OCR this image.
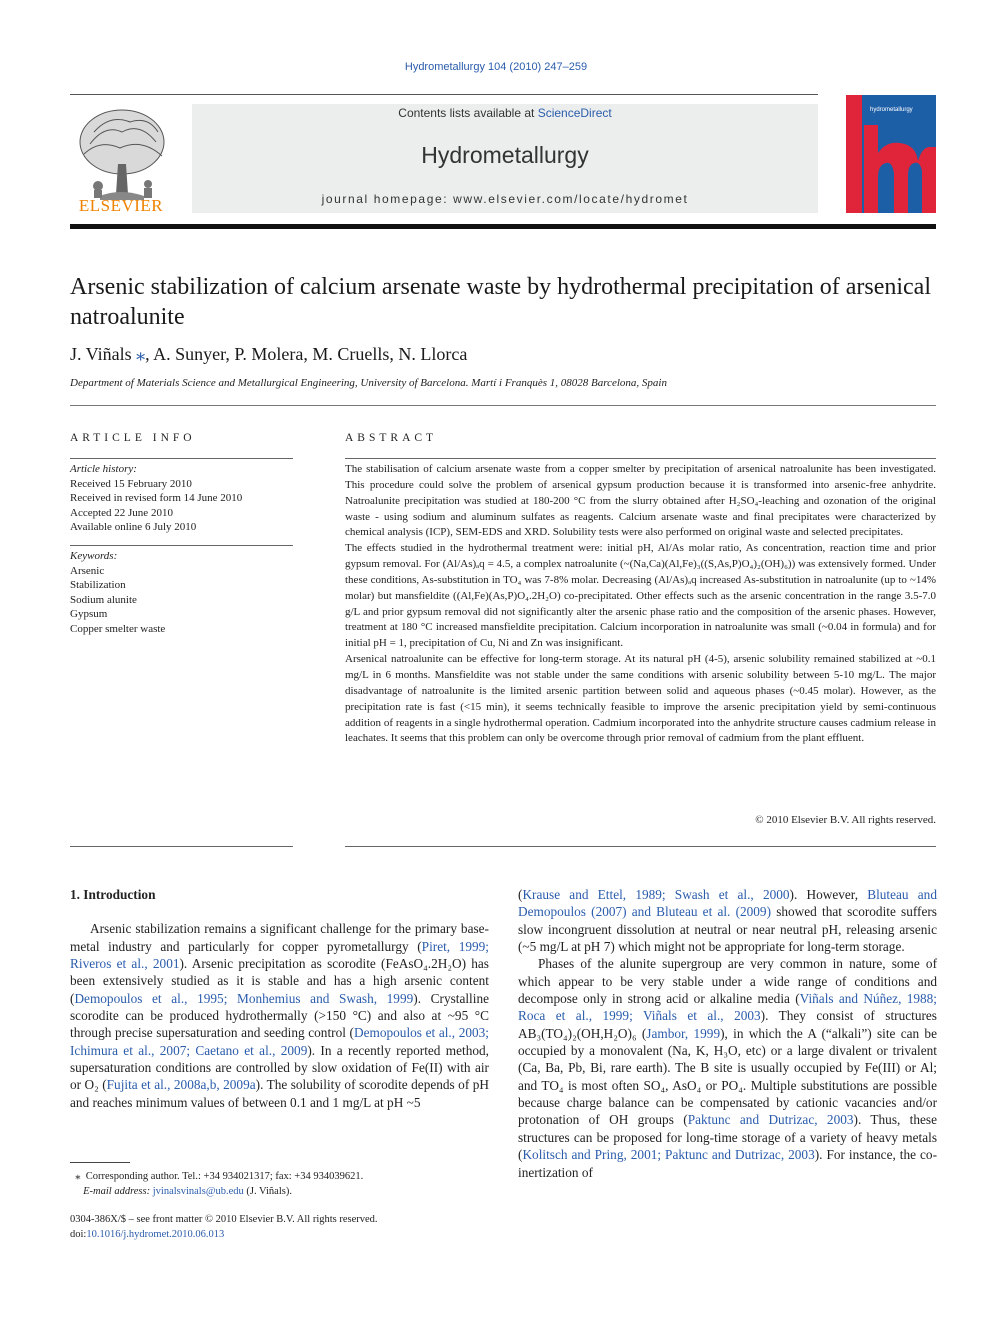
Hydrometallurgy 104 (2010) 247–259
ELSEVIER
Contents lists available at ScienceDirect
Hydrometallurgy
journal homepage: www.elsevier.com/locate/hydromet
hydrometallurgy
Arsenic stabilization of calcium arsenate waste by hydrothermal precipitation of arsenical natroalunite
J. Viñals ⁎, A. Sunyer, P. Molera, M. Cruells, N. Llorca
Department of Materials Science and Metallurgical Engineering, University of Barcelona. Martí i Franquès 1, 08028 Barcelona, Spain
ARTICLE INFO
Article history:
Received 15 February 2010
Received in revised form 14 June 2010
Accepted 22 June 2010
Available online 6 July 2010
Keywords:
Arsenic
Stabilization
Sodium alunite
Gypsum
Copper smelter waste
ABSTRACT

The stabilisation of calcium arsenate waste from a copper smelter by precipitation of arsenical natroalunite has been investigated. This procedure could solve the problem of arsenical gypsum production because it is transformed into arsenic-free anhydrite. Natroalunite precipitation was studied at 180-200 °C from the slurry obtained after H₂SO₄-leaching and ozonation of the original waste - using sodium and aluminum sulfates as reagents. Calcium arsenate waste and final precipitates were characterized by chemical analysis (ICP), SEM-EDS and XRD. Solubility tests were also performed on original waste and selected precipitates.

The effects studied in the hydrothermal treatment were: initial pH, Al/As molar ratio, As concentration, reaction time and prior gypsum removal. For (Al/As)ₐq = 4.5, a complex natroalunite (~(Na,Ca)(Al,Fe)₃((S,As,P)O₄)₂(OH)₆)) was extensively formed. Under these conditions, As-substitution in TO₄ was 7-8% molar. Decreasing (Al/As)ₐq increased As-substitution in natroalunite (up to ~14% molar) but mansfieldite ((Al,Fe)(As,P)O₄.2H₂O) co-precipitated. Other effects such as the arsenic concentration in the range 3.5-7.0 g/L and prior gypsum removal did not significantly alter the arsenic phase ratio and the composition of the arsenic phases. However, treatment at 180 °C increased mansfieldite precipitation. Calcium incorporation in natroalunite was small (~0.04 in formula) and for initial pH = 1, precipitation of Cu, Ni and Zn was insignificant.

Arsenical natroalunite can be effective for long-term storage. At its natural pH (4-5), arsenic solubility remained stabilized at ~0.1 mg/L in 6 months. Mansfieldite was not stable under the same conditions with arsenic solubility between 5-10 mg/L. The major disadvantage of natroalunite is the limited arsenic partition between solid and aqueous phases (~0.45 molar). However, as the precipitation rate is fast (<15 min), it seems technically feasible to improve the arsenic precipitation yield by semi-continuous addition of reagents in a single hydrothermal operation. Cadmium incorporated into the anhydrite structure causes cadmium release in leachates. It seems that this problem can only be overcome through prior removal of cadmium from the plant effluent.

© 2010 Elsevier B.V. All rights reserved.

1. Introduction

Arsenic stabilization remains a significant challenge for the primary base-metal industry and particularly for copper pyrometallurgy (Piret, 1999; Riveros et al., 2001). Arsenic precipitation as scorodite (FeAsO₄.2H₂O) has been extensively studied as it is stable and has a high arsenic content (Demopoulos et al., 1995; Monhemius and Swash, 1999). Crystalline scorodite can be produced hydrothermally (>150 °C) and also at ~95 °C through precise supersaturation and seeding control (Demopoulos et al., 2003; Ichimura et al., 2007; Caetano et al., 2009). In a recently reported method, supersaturation conditions are controlled by slow oxidation of Fe(II) with air or O₂ (Fujita et al., 2008a,b, 2009a). The solubility of scorodite depends of pH and reaches minimum values of between 0.1 and 1 mg/L at pH ~5

(Krause and Ettel, 1989; Swash et al., 2000). However, Bluteau and Demopoulos (2007) and Bluteau et al. (2009) showed that scorodite suffers slow incongruent dissolution at neutral or near neutral pH, releasing arsenic (~5 mg/L at pH 7) which might not be appropriate for long-term storage.

Phases of the alunite supergroup are very common in nature, some of which appear to be very stable under a wide range of conditions and decompose only in strong acid or alkaline media (Viñals and Núñez, 1988; Roca et al., 1999; Viñals et al., 2003). They consist of structures AB₃(TO₄)₂(OH,H₂O)₆ (Jambor, 1999), in which the A (“alkali”) site can be occupied by a monovalent (Na, K, H₃O, etc) or a large divalent or trivalent (Ca, Ba, Pb, Bi, rare earth). The B site is usually occupied by Fe(III) or Al; and TO₄ is most often SO₄, AsO₄ or PO₄. Multiple substitutions are possible because charge balance can be compensated by cationic vacancies and/or protonation of OH groups (Paktunc and Dutrizac, 2003). Thus, these structures can be proposed for long-time storage of a variety of heavy metals (Kolitsch and Pring, 2001; Paktunc and Dutrizac, 2003). For instance, the co-inertization of

⁎ Corresponding author. Tel.: +34 934021317; fax: +34 934039621.
E-mail address: jvinalsvinals@ub.edu (J. Viñals).
0304-386X/$ – see front matter © 2010 Elsevier B.V. All rights reserved.
doi:10.1016/j.hydromet.2010.06.013
